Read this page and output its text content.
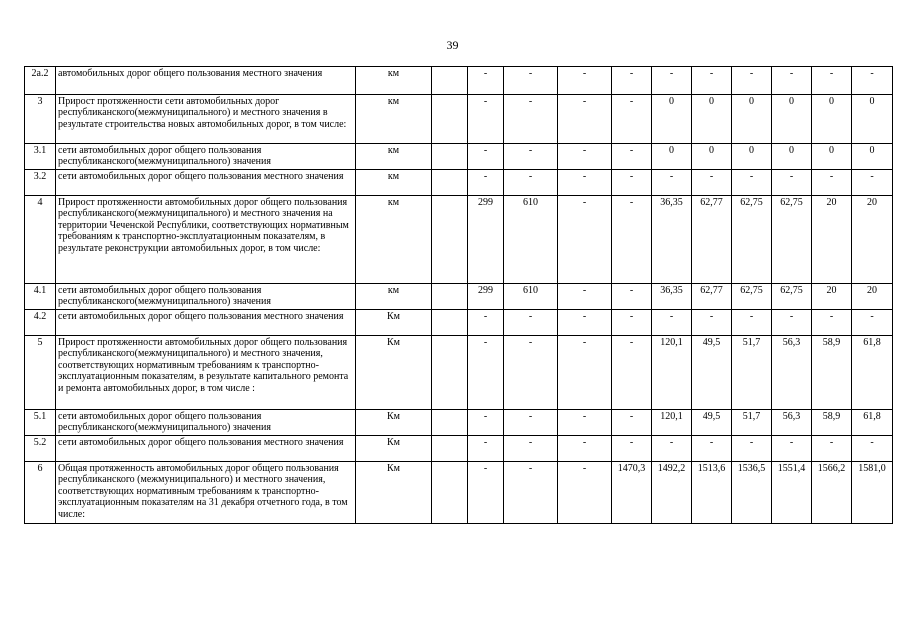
39
2а.2	автомобильных дорог общего пользования местного значения	км		-	-	-	-	-	-	-	-	-	-
3	Прирост протяженности сети автомобильных дорог республиканского(межмуниципального) и местного значения в результате строительства новых автомобильных дорог, в том числе:	км		-	-	-	-	0	0	0	0	0	0
3.1	сети автомобильных дорог общего пользования республиканского(межмуниципального) значения	км		-	-	-	-	0	0	0	0	0	0
3.2	сети автомобильных дорог общего пользования местного значения	км		-	-	-	-	-	-	-	-	-	-
4	Прирост протяженности автомобильных дорог общего пользования республиканского(межмуниципального) и местного значения на территории Чеченской Республики, соответствующих нормативным требованиям к транспортно-эксплуатационным показателям, в результате реконструкции автомобильных дорог, в том числе:	км		299	610	-	-	36,35	62,77	62,75	62,75	20	20
4.1	сети автомобильных дорог общего пользования республиканского(межмуниципального) значения	км		299	610	-	-	36,35	62,77	62,75	62,75	20	20
4.2	сети автомобильных дорог общего пользования местного значения	Км		-	-	-	-	-	-	-	-	-	-
5	Прирост протяженности автомобильных дорог общего пользования республиканского(межмуниципального) и местного значения, соответствующих нормативным требованиям к транспортно-эксплуатационным показателям, в результате капитального ремонта и ремонта автомобильных дорог, в том числе :	Км		-	-	-	-	120,1	49,5	51,7	56,3	58,9	61,8
5.1	сети автомобильных дорог общего пользования республиканского(межмуниципального) значения	Км		-	-	-	-	120,1	49,5	51,7	56,3	58,9	61,8
5.2	сети автомобильных дорог общего пользования местного значения	Км		-	-	-	-	-	-	-	-	-	-
6	Общая протяженность автомобильных дорог общего пользования республиканского (межмуниципального) и местного значения, соответствующих нормативным требованиям к транспортно-эксплуатационным показателям на 31 декабря отчетного года, в том числе:	Км		-	-	-	1470,3	1492,2	1513,6	1536,5	1551,4	1566,2	1581,0
